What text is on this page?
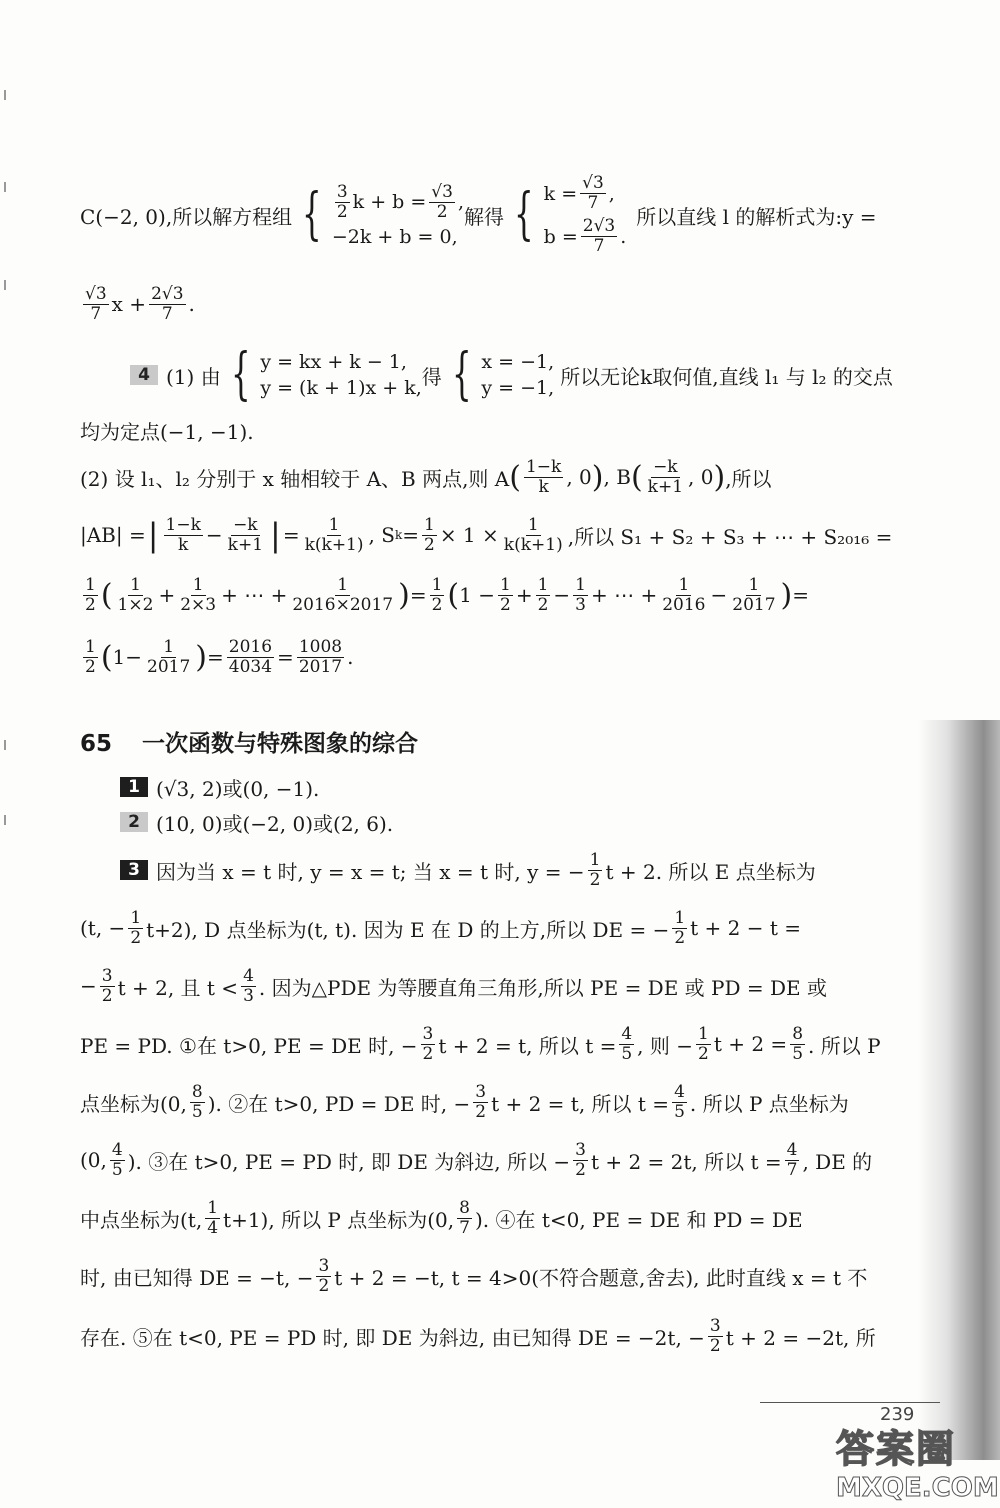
C(−2, 0),所以解方程组 { $\frac{3}{2}$ $k + b = \frac{√3}{2}$ ,
−2k + b = 0,
解得 { $k = \frac{√3}{7}$ ,
$b = \frac{2√3}{7}$ .
所以直线 l 的解析式为:y =
$\frac{√3}{7}$ $x + \frac{2√3}{7}$ .
4 (1) 由 { y = kx + k − 1,
y = (k + 1)x + k, 得 { x = −1,
y = −1, 所以无论k取何值,直线 l₁ 与 l₂ 的交点
均为定点(−1, −1).
(2) 设 l₁、l₂ 分别于 x 轴相较于 A、B 两点,则 A ( $\frac{1-k}{k}$ , 0 ) , B ( $\frac{-k}{k+1}$ , 0 ) ,所以
|AB| = | $\frac{1-k}{k} - \frac{-k}{k+1}$ | = $\frac{1}{k(k+1)}$ , S $k = \frac{1}{2} \times 1 \times \frac{1}{k(k+1)}$ ,所以 S₁ + S₂ + S₃ + ⋯ + S₂₀₁₆ =
$\frac{1}{2}$ ( $\frac{1}{1\times 2} + \frac{1}{2\times 3}$ + ⋯ + $\frac{1}{2016\times 2017}$ ) = $\frac{1}{2}$ ( $1 - \frac{1}{2} + \frac{1}{2} - \frac{1}{3}$ + ⋯ + $\frac{1}{2016} - \frac{1}{2017}$ ) =
$\frac{1}{2}$ ( $1- \frac{1}{2017}$ ) = $\frac{2016}{4034} = \frac{1008}{2017}$ .
65 一次函数与特殊图象的综合
1 (√3, 2)或(0, −1).
2 (10, 0)或(−2, 0)或(2, 6).
3 因为当 x = t 时, y = x = t; 当 x = t 时, y = − $\frac{1}{2}$ t + 2. 所以 E 点坐标为
(t, − $\frac{1}{2} t+2$), D 点坐标为(t, t). 因为 E 在 D 的上方,所以 DE = − $\frac{1}{2}$ t + 2 − t =
− $\frac{3}{2}$ t + 2, 且 $t < \frac{4}{3}$ . 因为△PDE 为等腰直角三角形,所以 PE = DE 或 PD = DE 或
PE = PD. ①在 t>0, PE = DE 时, − $\frac{3}{2}$ t + 2 = t, 所以 $t = \frac{4}{5}$ , 则 − $\frac{1}{2}$ $t + 2 = \frac{8}{5}$ . 所以 P
点坐标为(0, $\frac{8}{5}$ ). ②在 t>0, PD = DE 时, − $\frac{3}{2}$ t + 2 = t, 所以 $t = \frac{4}{5}$ . 所以 P 点坐标为
(0, $\frac{4}{5}$ ). ③在 t>0, PE = PD 时, 即 DE 为斜边, 所以 − $\frac{3}{2}$ t + 2 = 2t, 所以 $t = \frac{4}{7}$ , DE 的
中点坐标为(t, $\frac{1}{4} t+1$), 所以 P 点坐标为(0, $\frac{8}{7}$ ). ④在 t<0, PE = DE 和 PD = DE
时, 由已知得 DE = −t, − $\frac{3}{2}$ t + 2 = −t, t = 4>0(不符合题意,舍去), 此时直线 x = t 不
存在. ⑤在 t<0, PE = PD 时, 即 DE 为斜边, 由已知得 DE = −2t, − $\frac{3}{2}$ t + 2 = −2t, 所
239
答案圈
MXQE.COM
